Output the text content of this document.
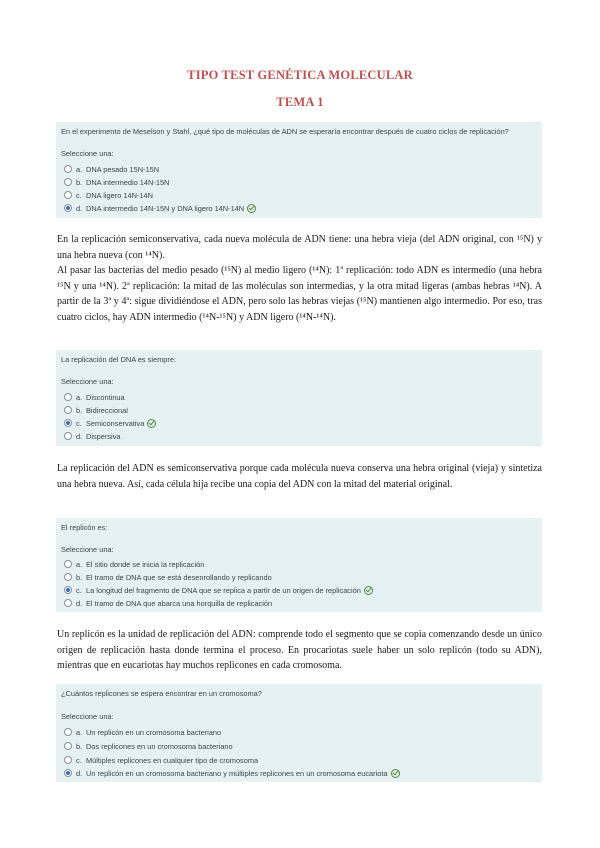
TIPO TEST GENÉTICA MOLECULAR
TEMA 1
En el experimento de Meselson y Stahl, ¿qué tipo de moléculas de ADN se esperaría encontrar después de cuatro ciclos de replicación?
Seleccione una:
a. DNA pesado 15N-15N
b. DNA intermedio 14N-15N
c. DNA ligero 14N-14N
d. DNA intermedio 14N-15N y DNA ligero 14N-14N

En la replicación semiconservativa, cada nueva molécula de ADN tiene: una hebra vieja (del ADN original, con ¹⁵N) y una hebra nueva (con ¹⁴N).

Al pasar las bacterias del medio pesado (¹⁵N) al medio ligero (¹⁴N): 1ª replicación: todo ADN es intermedio (una hebra ¹⁵N y una ¹⁴N). 2ª replicación: la mitad de las moléculas son intermedias, y la otra mitad ligeras (ambas hebras ¹⁴N). A partir de la 3ª y 4ª: sigue dividiéndose el ADN, pero solo las hebras viejas (¹⁵N) mantienen algo intermedio. Por eso, tras cuatro ciclos, hay ADN intermedio (¹⁴N-¹⁵N) y ADN ligero (¹⁴N-¹⁴N).

La replicación del DNA es siempre:
Seleccione una:
a. Discontinua
b. Bidireccional
c. Semiconservativa
d. Dispersiva

La replicación del ADN es semiconservativa porque cada molécula nueva conserva una hebra original (vieja) y sintetiza una hebra nueva. Así, cada célula hija recibe una copia del ADN con la mitad del material original.

El replicón es:
Seleccione una:
a. El sitio donde se inicia la replicación
b. El tramo de DNA que se está desenrollando y replicando
c. La longitud del fragmento de DNA que se replica a partir de un origen de replicación
d. El tramo de DNA que abarca una horquilla de replicación

Un replicón es la unidad de replicación del ADN: comprende todo el segmento que se copia comenzando desde un único origen de replicación hasta donde termina el proceso. En procariotas suele haber un solo replicón (todo su ADN), mientras que en eucariotas hay muchos replicones en cada cromosoma.

¿Cuántos replicones se espera encontrar en un cromosoma?
Seleccione una:
a. Un replicón en un cromosoma bacteriano
b. Dos replicones en un cromosoma bacteriano
c. Múltiples replicones en cualquier tipo de cromosoma
d. Un replicón en un cromosoma bacteriano y múltiples replicones en un cromosoma eucariota
